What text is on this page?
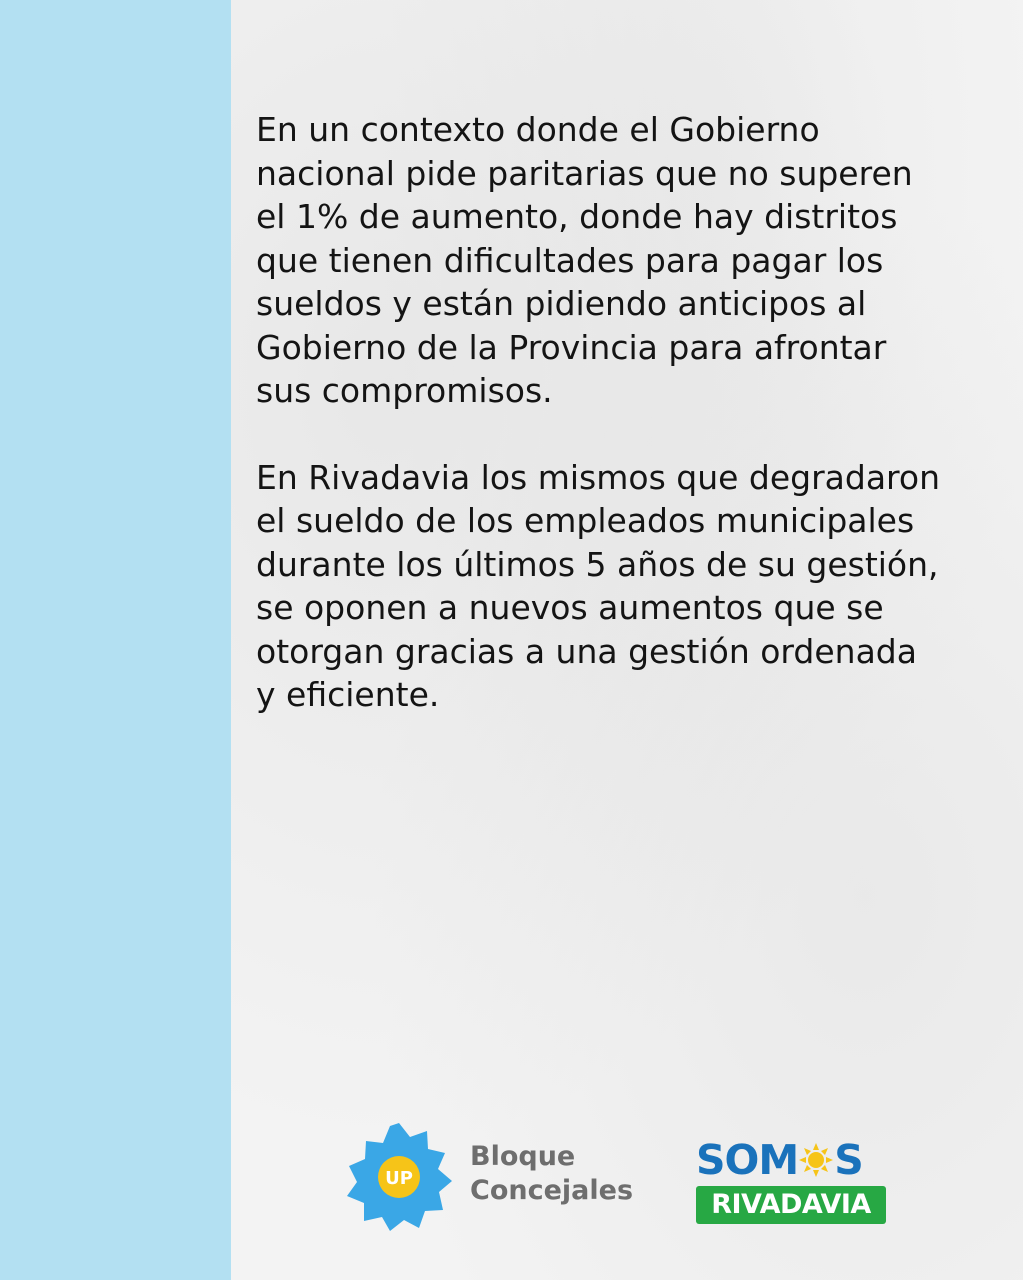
En un contexto donde el Gobierno
nacional pide paritarias que no superen
el 1% de aumento, donde hay distritos
que tienen dificultades para pagar los
sueldos y están pidiendo anticipos al
Gobierno de la Provincia para afrontar
sus compromisos.

En Rivadavia los mismos que degradaron
el sueldo de los empleados municipales
durante los últimos 5 años de su gestión,
se oponen a nuevos aumentos que se
otorgan gracias a una gestión ordenada
y eficiente.

UP
Bloque
Concejales
SOM S
RIVADAVIA
